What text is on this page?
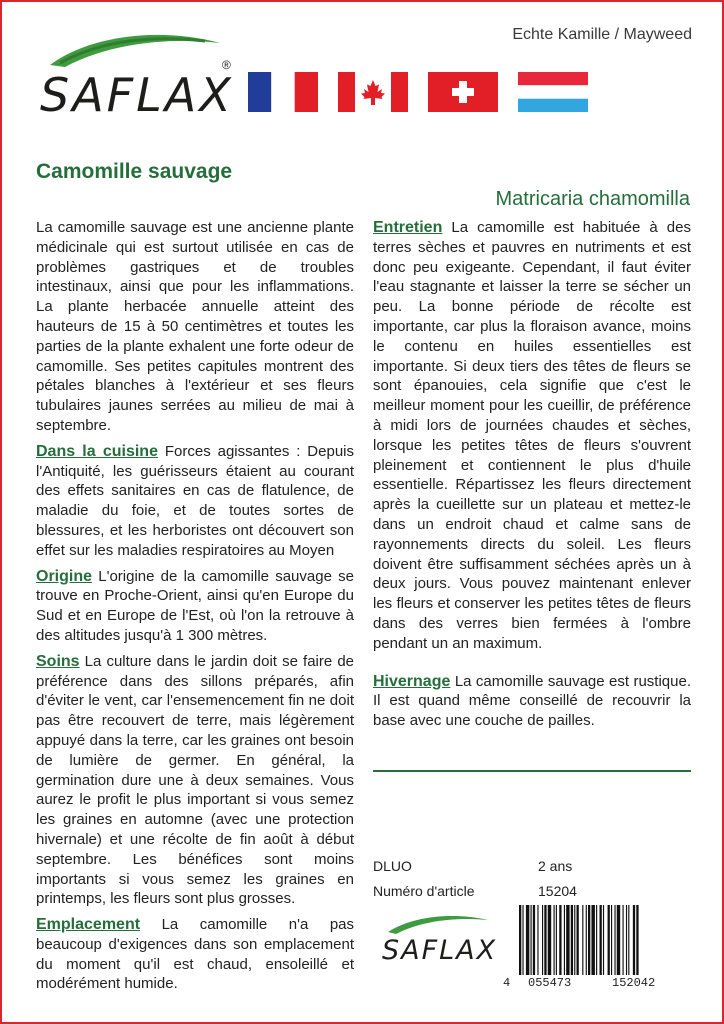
SAFLAX
®
Echte Kamille / Mayweed
Camomille sauvage
Matricaria chamomilla

La camomille sauvage est une ancienne plante médicinale qui est surtout utilisée en cas de problèmes gastriques et de troubles intestinaux, ainsi que pour les inflammations. La plante herbacée annuelle atteint des hauteurs de 15 à 50 centimètres et toutes les parties de la plante exhalent une forte odeur de camomille. Ses petites capitules montrent des pétales blanches à l'extérieur et ses fleurs tubulaires jaunes serrées au milieu de mai à septembre.

Dans la cuisine Forces agissantes : Depuis l'Antiquité, les guérisseurs étaient au courant des effets sanitaires en cas de flatulence, de maladie du foie, et de toutes sortes de blessures, et les herboristes ont découvert son effet sur les maladies respiratoires au Moyen

Origine L'origine de la camomille sauvage se trouve en Proche-Orient, ainsi qu'en Europe du Sud et en Europe de l'Est, où l'on la retrouve à des altitudes jusqu'à 1 300 mètres.

Soins La culture dans le jardin doit se faire de préférence dans des sillons préparés, afin d'éviter le vent, car l'ensemencement fin ne doit pas être recouvert de terre, mais légèrement appuyé dans la terre, car les graines ont besoin de lumière de germer. En général, la germination dure une à deux semaines. Vous aurez le profit le plus important si vous semez les graines en automne (avec une protection hivernale) et une récolte de fin août à début septembre. Les bénéfices sont moins importants si vous semez les graines en printemps, les fleurs sont plus grosses.

Emplacement La camomille n'a pas beaucoup d'exigences dans son emplacement du moment qu'il est chaud, ensoleillé et modérément humide.

Entretien La camomille est habituée à des terres sèches et pauvres en nutriments et est donc peu exigeante. Cependant, il faut éviter l'eau stagnante et laisser la terre se sécher un peu. La bonne période de récolte est importante, car plus la floraison avance, moins le contenu en huiles essentielles est importante. Si deux tiers des têtes de fleurs se sont épanouies, cela signifie que c'est le meilleur moment pour les cueillir, de préférence à midi lors de journées chaudes et sèches, lorsque les petites têtes de fleurs s'ouvrent pleinement et contiennent le plus d'huile essentielle. Répartissez les fleurs directement après la cueillette sur un plateau et mettez-le dans un endroit chaud et calme sans de rayonnements directs du soleil. Les fleurs doivent être suffisamment séchées après un à deux jours. Vous pouvez maintenant enlever les fleurs et conserver les petites têtes de fleurs dans des verres bien fermées à l'ombre pendant un an maximum.

Hivernage La camomille sauvage est rustique. Il est quand même conseillé de recouvrir la base avec une couche de pailles.

DLUO	2 ans
Numéro d'article	15204
SAFLAX
4 055473	152042
